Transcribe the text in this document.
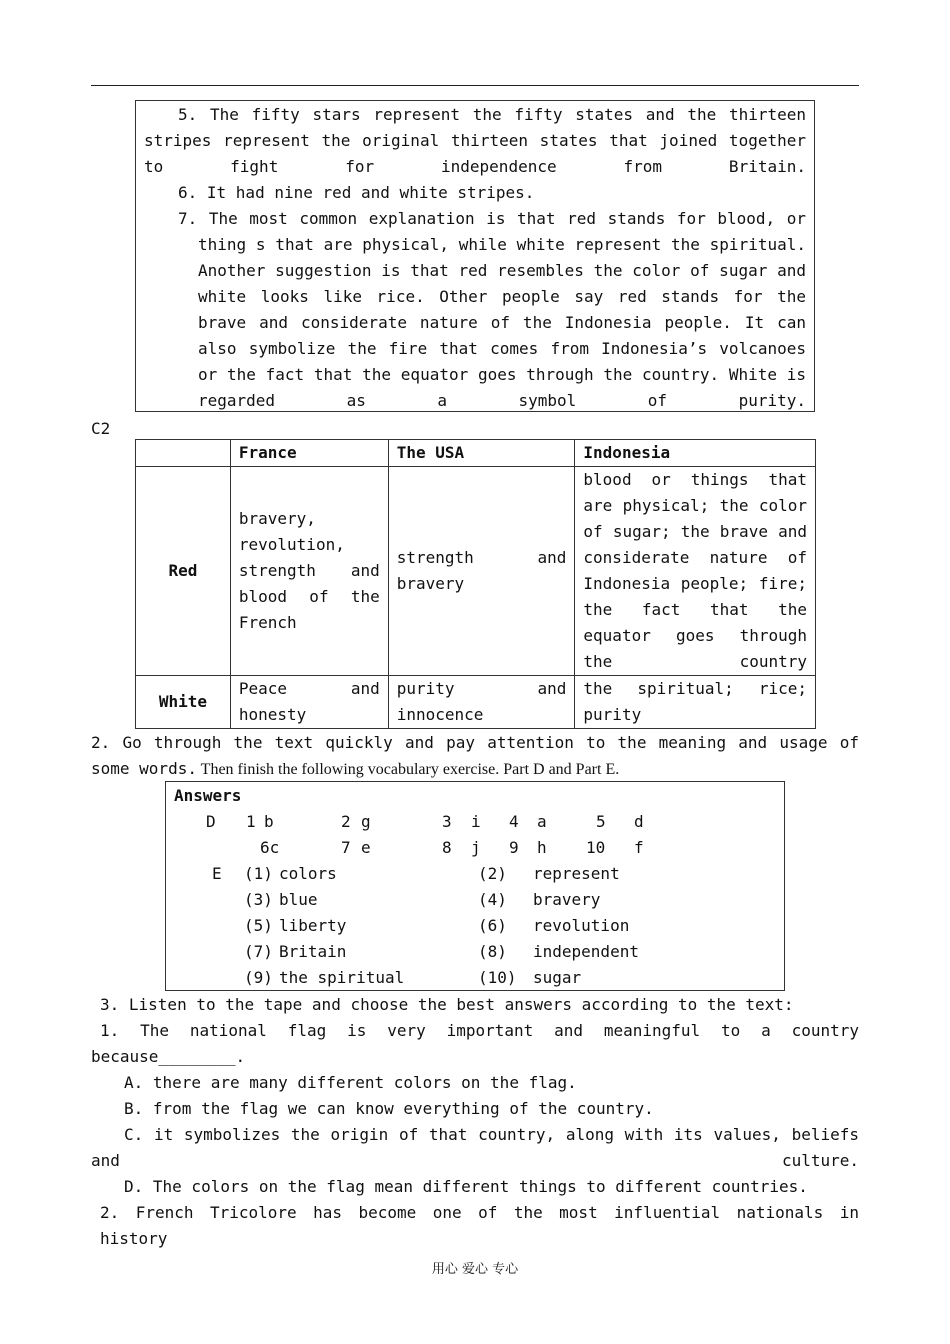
5. The fifty stars represent the fifty states and the thirteen stripes represent the original thirteen states that joined together to fight for independence from Britain.
6. It had nine red and white stripes.
7. The most common explanation is that red stands for blood, or thing s that are physical, while white represent the spiritual. Another suggestion is that red resembles the color of sugar and white looks like rice. Other people say red stands for the brave and considerate nature of the Indonesia people. It can also symbolize the fire that comes from Indonesia’s volcanoes or the fact that the equator goes through the country. White is regarded as a symbol of purity.
C2
	France	The USA	Indonesia
Red	bravery, revolution, strength and blood of the French	strength and bravery	blood or things that are physical; the color of sugar; the brave and considerate nature of Indonesia people; fire; the fact that the equator goes through the country
White	Peace and honesty	purity and innocence	the spiritual; rice; purity
2. Go through the text quickly and pay attention to the meaning and usage of some words. Then finish the following vocabulary exercise. Part D and Part E.
Answers
D 1 b	2 g	3 i 4 a	5 d
6c	7 e	8 j 9 h 10 f
E (1) colors	(2) represent
(3) blue	(4) bravery
(5) liberty	(6) revolution
(7) Britain	(8) independent
(9) the spiritual	(10) sugar
3. Listen to the tape and choose the best answers according to the text:
1. The national flag is very important and meaningful to a country because________.
A. there are many different colors on the flag.
B. from the flag we can know everything of the country.
C. it symbolizes the origin of that country, along with its values, beliefs and culture.
D. The colors on the flag mean different things to different countries.
2. French Tricolore has become one of the most influential nationals in history
用心 爱心 专心
